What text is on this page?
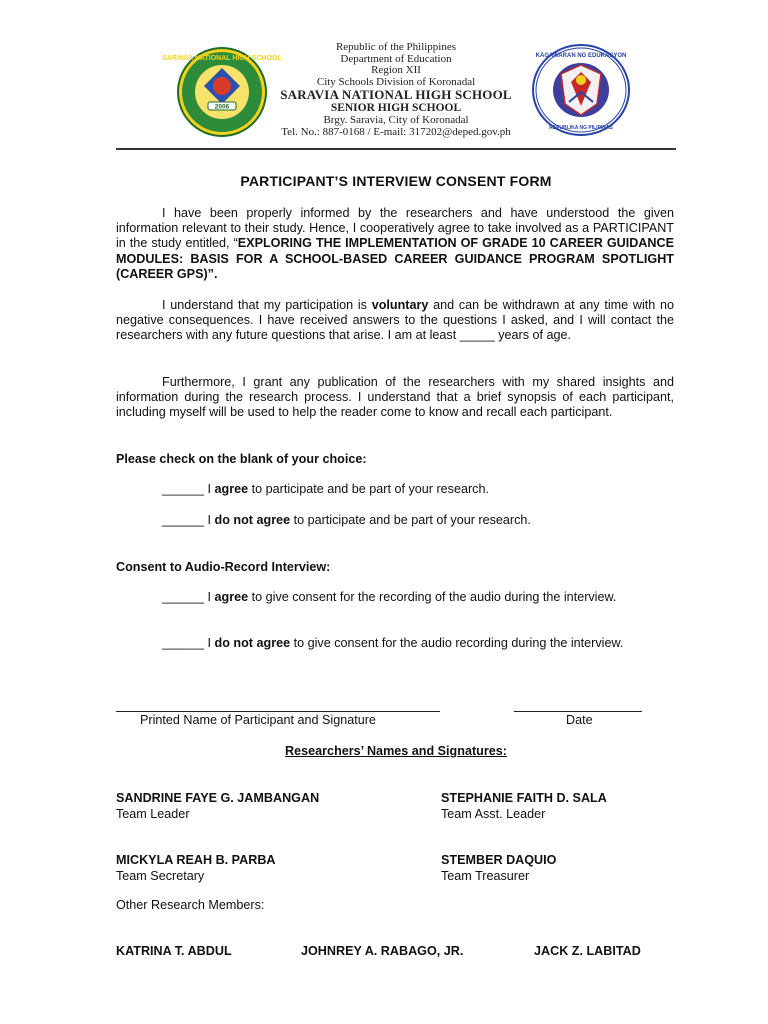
SARAVIA NATIONAL HIGH SCHOOL
2006
Republic of the Philippines
Department of Education
Region XII
City Schools Division of Koronadal
SARAVIA NATIONAL HIGH SCHOOL
SENIOR HIGH SCHOOL
Brgy. Saravia, City of Koronadal
Tel. No.: 887-0168 / E-mail: 317202@deped.gov.ph
KAGAWARAN NG EDUKASYON
REPUBLIKA NG PILIPINAS
PARTICIPANT’S INTERVIEW CONSENT FORM

I have been properly informed by the researchers and have understood the given information relevant to their study. Hence, I cooperatively agree to take involved as a PARTICIPANT in the study entitled, “EXPLORING THE IMPLEMENTATION OF GRADE 10 CAREER GUIDANCE MODULES: BASIS FOR A SCHOOL-BASED CAREER GUIDANCE PROGRAM SPOTLIGHT (CAREER GPS)”.

I understand that my participation is voluntary and can be withdrawn at any time with no negative consequences. I have received answers to the questions I asked, and I will contact the researchers with any future questions that arise. I am at least _____ years of age.

Furthermore, I grant any publication of the researchers with my shared insights and information during the research process. I understand that a brief synopsis of each participant, including myself will be used to help the reader come to know and recall each participant.

Please check on the blank of your choice:

______ I agree to participate and be part of your research.

______ I do not agree to participate and be part of your research.

Consent to Audio-Record Interview:

______ I agree to give consent for the recording of the audio during the interview.

______ I do not agree to give consent for the audio recording during the interview.

Printed Name of Participant and Signature	Date
Researchers’ Names and Signatures:
SANDRINE FAYE G. JAMBANGAN
Team Leader
STEPHANIE FAITH D. SALA
Team Asst. Leader
MICKYLA REAH B. PARBA
Team Secretary
STEMBER DAQUIO
Team Treasurer
Other Research Members:
KATRINA T. ABDUL	JOHNREY A. RABAGO, JR.	JACK Z. LABITAD
